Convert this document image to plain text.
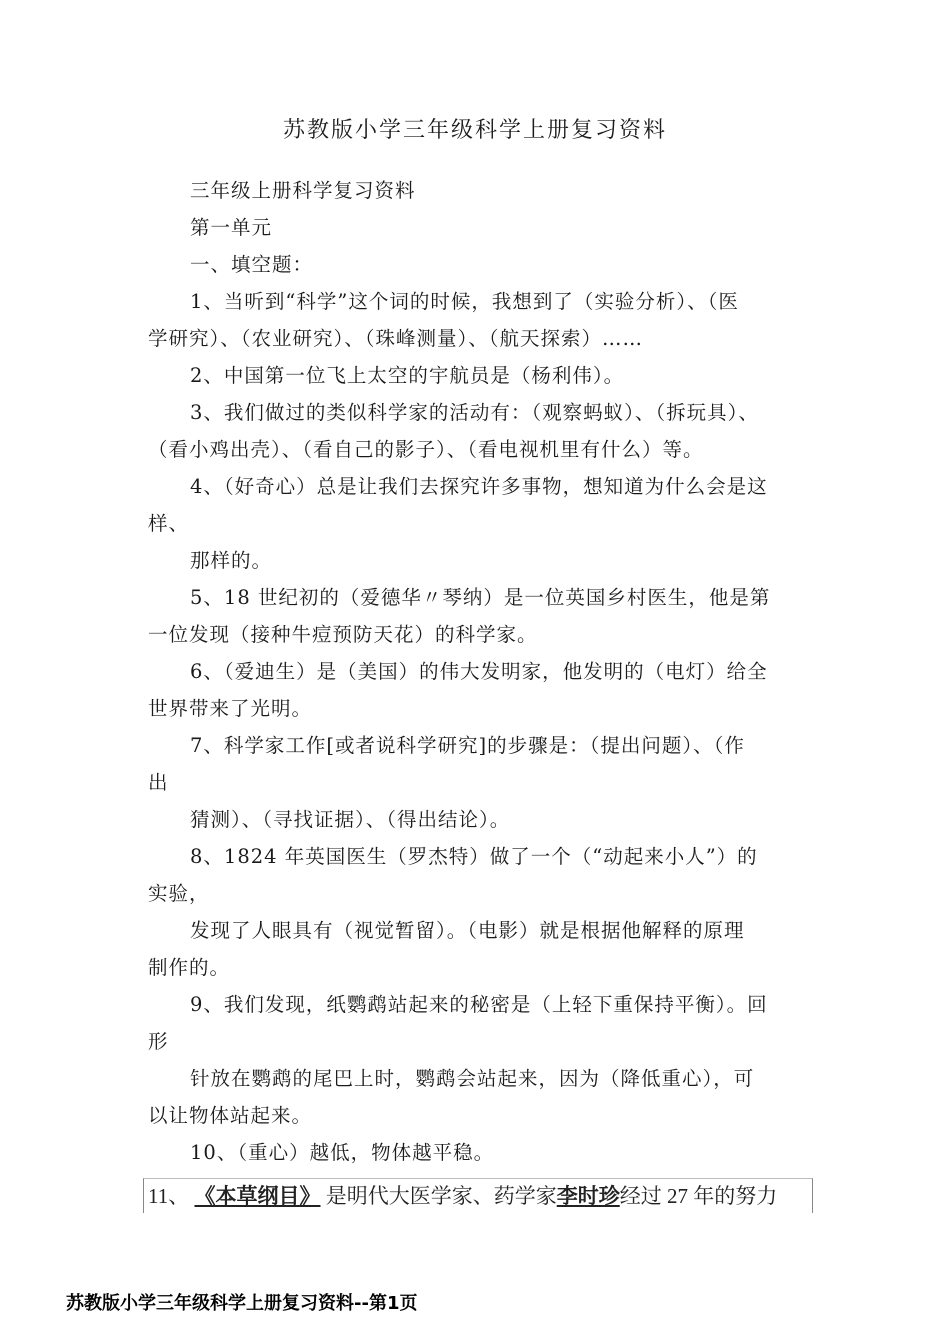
苏教版小学三年级科学上册复习资料
三年级上册科学复习资料
第一单元
一、填空题：
1、当听到“科学”这个词的时候，我想到了（实验分析）、（医
学研究）、（农业研究）、（珠峰测量）、（航天探索）……
2、中国第一位飞上太空的宇航员是（杨利伟）。
3、我们做过的类似科学家的活动有：（观察蚂蚁）、（拆玩具）、
（看小鸡出壳）、（看自己的影子）、（看电视机里有什么）等。
4、（好奇心）总是让我们去探究许多事物，想知道为什么会是这
样、
那样的。
5、18 世纪初的（爱德华〃琴纳）是一位英国乡村医生，他是第
一位发现（接种牛痘预防天花）的科学家。
6、（爱迪生）是（美国）的伟大发明家，他发明的（电灯）给全
世界带来了光明。
7、科学家工作[或者说科学研究]的步骤是：（提出问题）、（作
出
猜测）、（寻找证据）、（得出结论）。
8、1824 年英国医生（罗杰特）做了一个（“动起来小人”）的
实验，
发现了人眼具有（视觉暂留）。（电影）就是根据他解释的原理
制作的。
9、我们发现，纸鹦鹉站起来的秘密是（上轻下重保持平衡）。回
形
针放在鹦鹉的尾巴上时，鹦鹉会站起来，因为（降低重心），可
以让物体站起来。
10、（重心）越低，物体越平稳。
11、 《本草纲目》 是明代大医学家、药学家李时珍经过 27 年的努力
苏教版小学三年级科学上册复习资料--第1页
